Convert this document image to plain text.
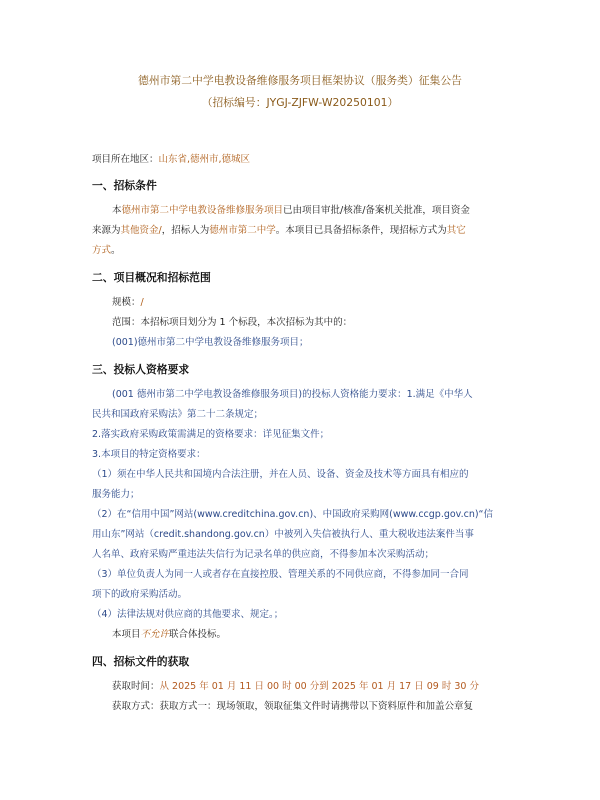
德州市第二中学电教设备维修服务项目框架协议（服务类）征集公告
（招标编号：JYGJ-ZJFW-W20250101）
项目所在地区：山东省,德州市,德城区
一、招标条件
本德州市第二中学电教设备维修服务项目已由项目审批/核准/备案机关批准，项目资金
来源为其他资金/，招标人为德州市第二中学。本项目已具备招标条件，现招标方式为其它
方式。
二、项目概况和招标范围
规模：/
范围：本招标项目划分为 1 个标段，本次招标为其中的：
(001)德州市第二中学电教设备维修服务项目；
三、投标人资格要求
(001 德州市第二中学电教设备维修服务项目)的投标人资格能力要求：1.满足《中华人
民共和国政府采购法》第二十二条规定；
2.落实政府采购政策需满足的资格要求：详见征集文件；
3.本项目的特定资格要求：
（1）须在中华人民共和国境内合法注册，并在人员、设备、资金及技术等方面具有相应的
服务能力；
（2）在“信用中国”网站(www.creditchina.gov.cn)、中国政府采购网(www.ccgp.gov.cn)“信
用山东”网站（credit.shandong.gov.cn）中被列入失信被执行人、重大税收违法案件当事
人名单、政府采购严重违法失信行为记录名单的供应商，不得参加本次采购活动；
（3）单位负责人为同一人或者存在直接控股、管理关系的不同供应商，不得参加同一合同
项下的政府采购活动。
（4）法律法规对供应商的其他要求、规定。；
本项目不允许联合体投标。
四、招标文件的获取
获取时间：从 2025 年 01 月 11 日 00 时 00 分到 2025 年 01 月 17 日 09 时 30 分
获取方式：获取方式一：现场领取，领取征集文件时请携带以下资料原件和加盖公章复
